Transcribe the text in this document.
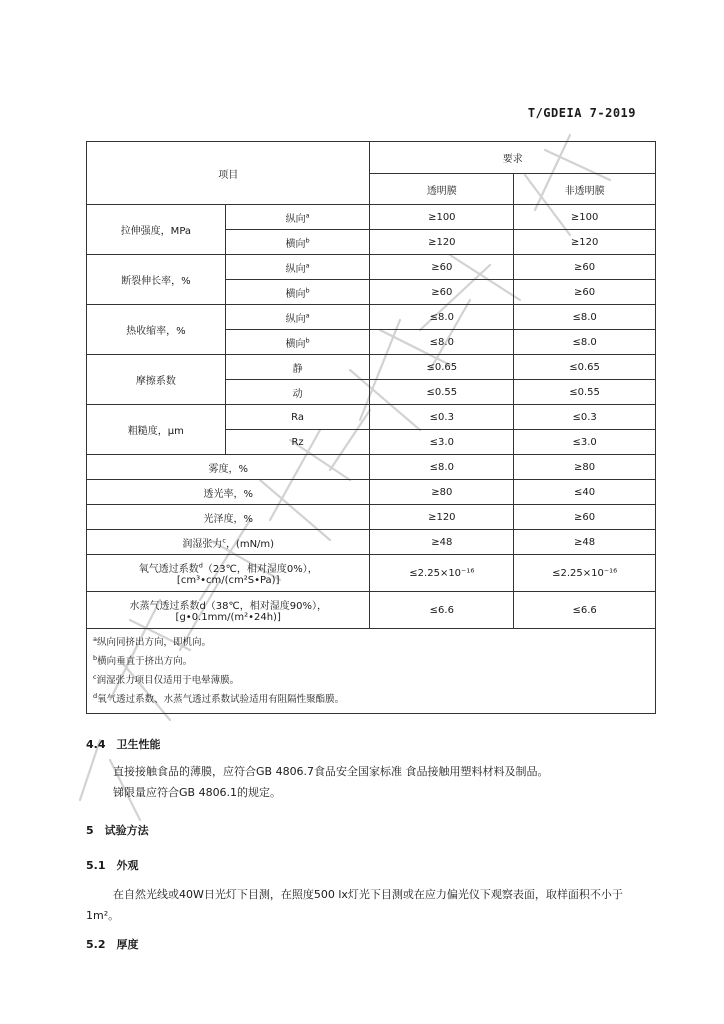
T/GDEIA 7-2019
项目		要求	
		透明膜	非透明膜
拉伸强度，MPa	纵向$^a$	≥100	≥100
	横向$^b$	≥120	≥120
断裂伸长率，%	纵向$^a$	≥60	≥60
	横向$^b$	≥60	≥60
热收缩率，%	纵向$^a$	≤8.0	≤8.0
	横向$^b$	≤8.0	≤8.0
摩擦系数	静	≤0.65	≤0.65
	动	≤0.55	≤0.55
粗糙度，μm	Ra	≤0.3	≤0.3
	Rz	≤3.0	≤3.0
雾度，%		≤8.0	≥80
透光率，%		≥80	≤40
光泽度，%		≥120	≥60
润湿张力$^c$，(mN/m)		≥48	≥48

氧气透过系数$^d$（23℃，相对湿度0%），
[cm³•cm/(cm²S•Pa)]		≤2.25×10⁻¹⁶	≤2.25×10⁻¹⁶

水蒸气透过系数d（38℃，相对湿度90%），
[g•0.1mm/(m²•24h)]		≤6.6	≤6.6

$^a$纵向同挤出方向，即机向。
$^b$横向垂直于挤出方向。
$^c$润湿张力项目仅适用于电晕薄膜。
$^d$氧气透过系数、水蒸气透过系数试验适用有阻隔性聚酯膜。			
4.4　卫生性能
直接接触食品的薄膜，应符合GB 4806.7食品安全国家标准 食品接触用塑料材料及制品。
锑限量应符合GB 4806.1的规定。
5　试验方法
5.1　外观
在自然光线或40W日光灯下目测，在照度500 lx灯光下目测或在应力偏光仪下观察表面，取样面积不小于1m²。
5.2　厚度
